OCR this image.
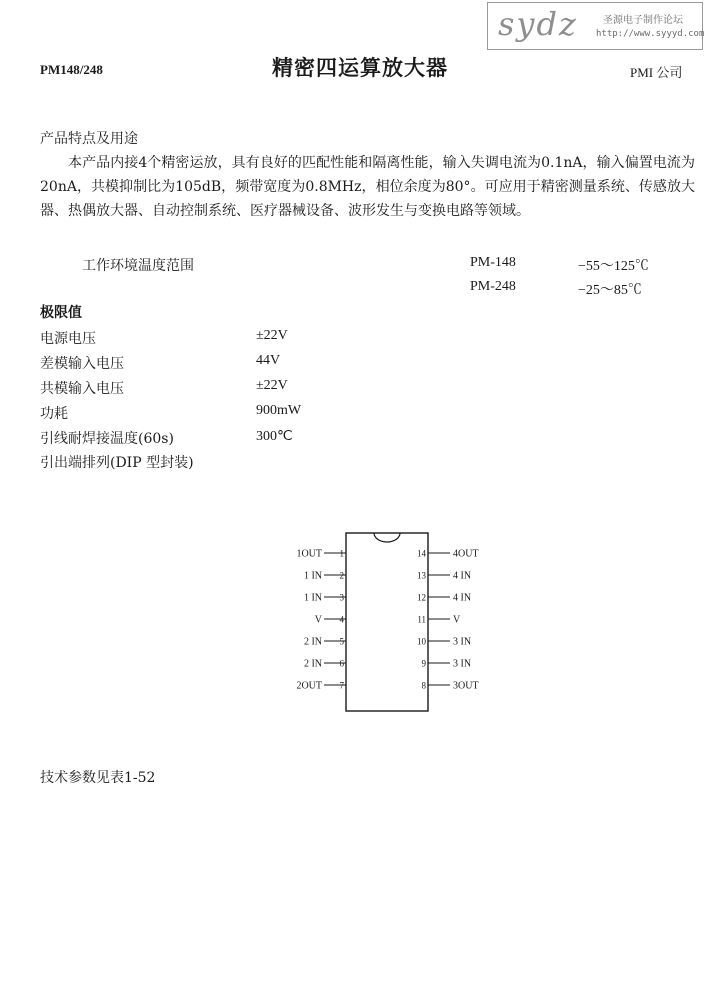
sydz	圣源电子制作论坛
http://www.syyyd.com
PM148/248	精密四运算放大器	PMI 公司
产品特点及用途
本产品内接4个精密运放，具有良好的匹配性能和隔离性能，输入失调电流为0.1nA，输入偏置电流为20nA，共模抑制比为105dB，频带宽度为0.8MHz，相位余度为80°。可应用于精密测量系统、传感放大器、热偶放大器、自动控制系统、医疗器械设备、波形发生与变换电路等领域。
工作环境温度范围	PM-148	−55～125℃
PM-248	−25～85℃
极限值
电源电压	±22V
差模输入电压	44V
共模输入电压	±22V
功耗	900mW
引线耐焊接温度(60s)	300℃
引出端排列(DIP 型封装)
1OUT 1
1 IN 2
1 IN 3
V 4
2 IN 5
2 IN 6
2OUT 7
4OUT
14
4 IN
13
4 IN
12
V
11
3 IN
10
3 IN
9
3OUT
8
技术参数见表1-52
